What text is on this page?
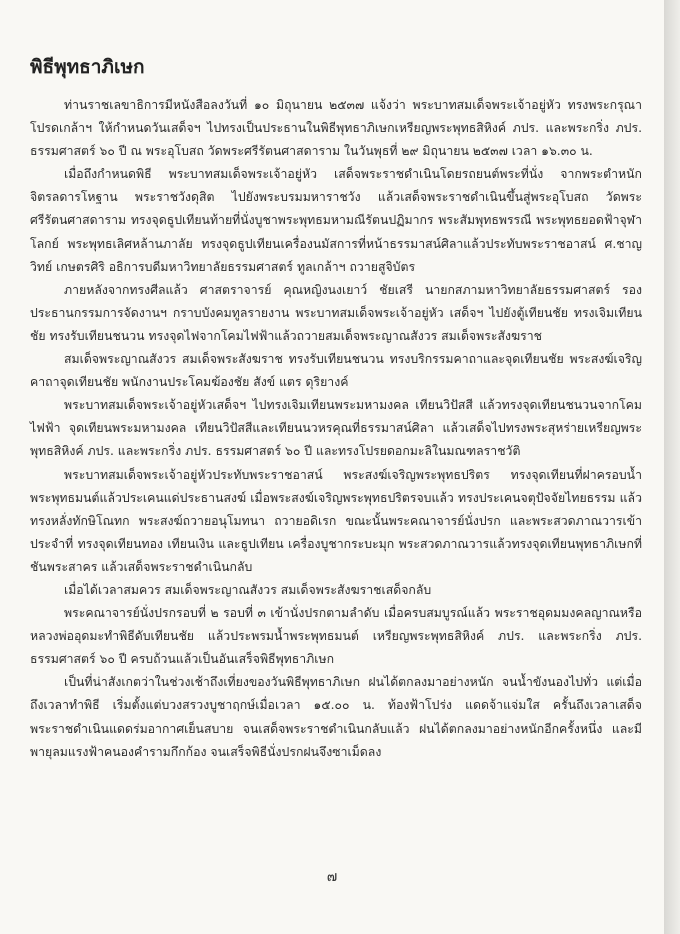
พิธีพุทธาภิเษก

ท่านราชเลขาธิการมีหนังสือลงวันที่ ๑๐ มิถุนายน ๒๕๓๗ แจ้งว่า พระบาทสมเด็จพระเจ้าอยู่หัว ทรงพระกรุณาโปรดเกล้าฯ ให้กำหนดวันเสด็จฯ ไปทรงเป็นประธานในพิธีพุทธาภิเษกเหรียญพระพุทธสิหิงค์ ภปร. และพระกริ่ง ภปร. ธรรมศาสตร์ ๖๐ ปี ณ พระอุโบสถ วัดพระศรีรัตนศาสดาราม ในวันพุธที่ ๒๙ มิถุนายน ๒๕๓๗ เวลา ๑๖.๓๐ น.

เมื่อถึงกำหนดพิธี พระบาทสมเด็จพระเจ้าอยู่หัว เสด็จพระราชดำเนินโดยรถยนต์พระที่นั่ง จากพระตำหนักจิตรลดารโหฐาน พระราชวังดุสิต ไปยังพระบรมมหาราชวัง แล้วเสด็จพระราชดำเนินขึ้นสู่พระอุโบสถ วัดพระศรีรัตนศาสดาราม ทรงจุดธูปเทียนท้ายที่นั่งบูชาพระพุทธมหามณีรัตนปฏิมากร พระสัมพุทธพรรณี พระพุทธยอดฟ้าจุฬาโลกย์ พระพุทธเลิศหล้านภาลัย ทรงจุดธูปเทียนเครื่องนมัสการที่หน้าธรรมาสน์ศิลาแล้วประทับพระราชอาสน์ ศ.ชาญวิทย์ เกษตรศิริ อธิการบดีมหาวิทยาลัยธรรมศาสตร์ ทูลเกล้าฯ ถวายสูจิบัตร

ภายหลังจากทรงศีลแล้ว ศาสตราจารย์ คุณหญิงนงเยาว์ ชัยเสรี นายกสภามหาวิทยาลัยธรรมศาสตร์ รองประธานกรรมการจัดงานฯ กราบบังคมทูลรายงาน พระบาทสมเด็จพระเจ้าอยู่หัว เสด็จฯ ไปยังตู้เทียนชัย ทรงเจิมเทียนชัย ทรงรับเทียนชนวน ทรงจุดไฟจากโคมไฟฟ้าแล้วถวายสมเด็จพระญาณสังวร สมเด็จพระสังฆราช

สมเด็จพระญาณสังวร สมเด็จพระสังฆราช ทรงรับเทียนชนวน ทรงบริกรรมคาถาและจุดเทียนชัย พระสงฆ์เจริญคาถาจุดเทียนชัย พนักงานประโคมฆ้องชัย สังข์ แตร ดุริยางค์

พระบาทสมเด็จพระเจ้าอยู่หัวเสด็จฯ ไปทรงเจิมเทียนพระมหามงคล เทียนวิปัสสี แล้วทรงจุดเทียนชนวนจากโคมไฟฟ้า จุดเทียนพระมหามงคล เทียนวิปัสสีและเทียนนวหรคุณที่ธรรมาสน์ศิลา แล้วเสด็จไปทรงพระสุหร่ายเหรียญพระพุทธสิหิงค์ ภปร. และพระกริ่ง ภปร. ธรรมศาสตร์ ๖๐ ปี และทรงโปรยดอกมะลิในมณฑลราชวัติ

พระบาทสมเด็จพระเจ้าอยู่หัวประทับพระราชอาสน์ พระสงฆ์เจริญพระพุทธปริตร ทรงจุดเทียนที่ฝาครอบน้ำพระพุทธมนต์แล้วประเคนแด่ประธานสงฆ์ เมื่อพระสงฆ์เจริญพระพุทธปริตรจบแล้ว ทรงประเคนจตุปัจจัยไทยธรรม แล้วทรงหลั่งทักษิโณทก พระสงฆ์ถวายอนุโมทนา ถวายอดิเรก ขณะนั้นพระคณาจารย์นั่งปรก และพระสวดภาณวารเข้าประจำที่ ทรงจุดเทียนทอง เทียนเงิน และธูปเทียน เครื่องบูชากระบะมุก พระสวดภาณวารแล้วทรงจุดเทียนพุทธาภิเษกที่ชันพระสาคร แล้วเสด็จพระราชดำเนินกลับ

เมื่อได้เวลาสมควร สมเด็จพระญาณสังวร สมเด็จพระสังฆราชเสด็จกลับ

พระคณาจารย์นั่งปรกรอบที่ ๒ รอบที่ ๓ เข้านั่งปรกตามลำดับ เมื่อครบสมบูรณ์แล้ว พระราชอุดมมงคลญาณหรือหลวงพ่ออุดมะทำพิธีดับเทียนชัย แล้วประพรมน้ำพระพุทธมนต์ เหรียญพระพุทธสิหิงค์ ภปร. และพระกริ่ง ภปร. ธรรมศาสตร์ ๖๐ ปี ครบถ้วนแล้วเป็นอันเสร็จพิธีพุทธาภิเษก

เป็นที่น่าสังเกตว่าในช่วงเช้าถึงเที่ยงของวันพิธีพุทธาภิเษก ฝนได้ตกลงมาอย่างหนัก จนน้ำขังนองไปทั่ว แต่เมื่อถึงเวลาทำพิธี เริ่มตั้งแต่บวงสรวงบูชาฤกษ์เมื่อเวลา ๑๕.๐๐ น. ท้องฟ้าโปร่ง แดดจ้าแจ่มใส ครั้นถึงเวลาเสด็จพระราชดำเนินแดดร่มอากาศเย็นสบาย จนเสด็จพระราชดำเนินกลับแล้ว ฝนได้ตกลงมาอย่างหนักอีกครั้งหนึ่ง และมีพายุลมแรงฟ้าคนองคำรามกึกก้อง จนเสร็จพิธีนั่งปรกฝนจึงซาเม็ดลง

๗
